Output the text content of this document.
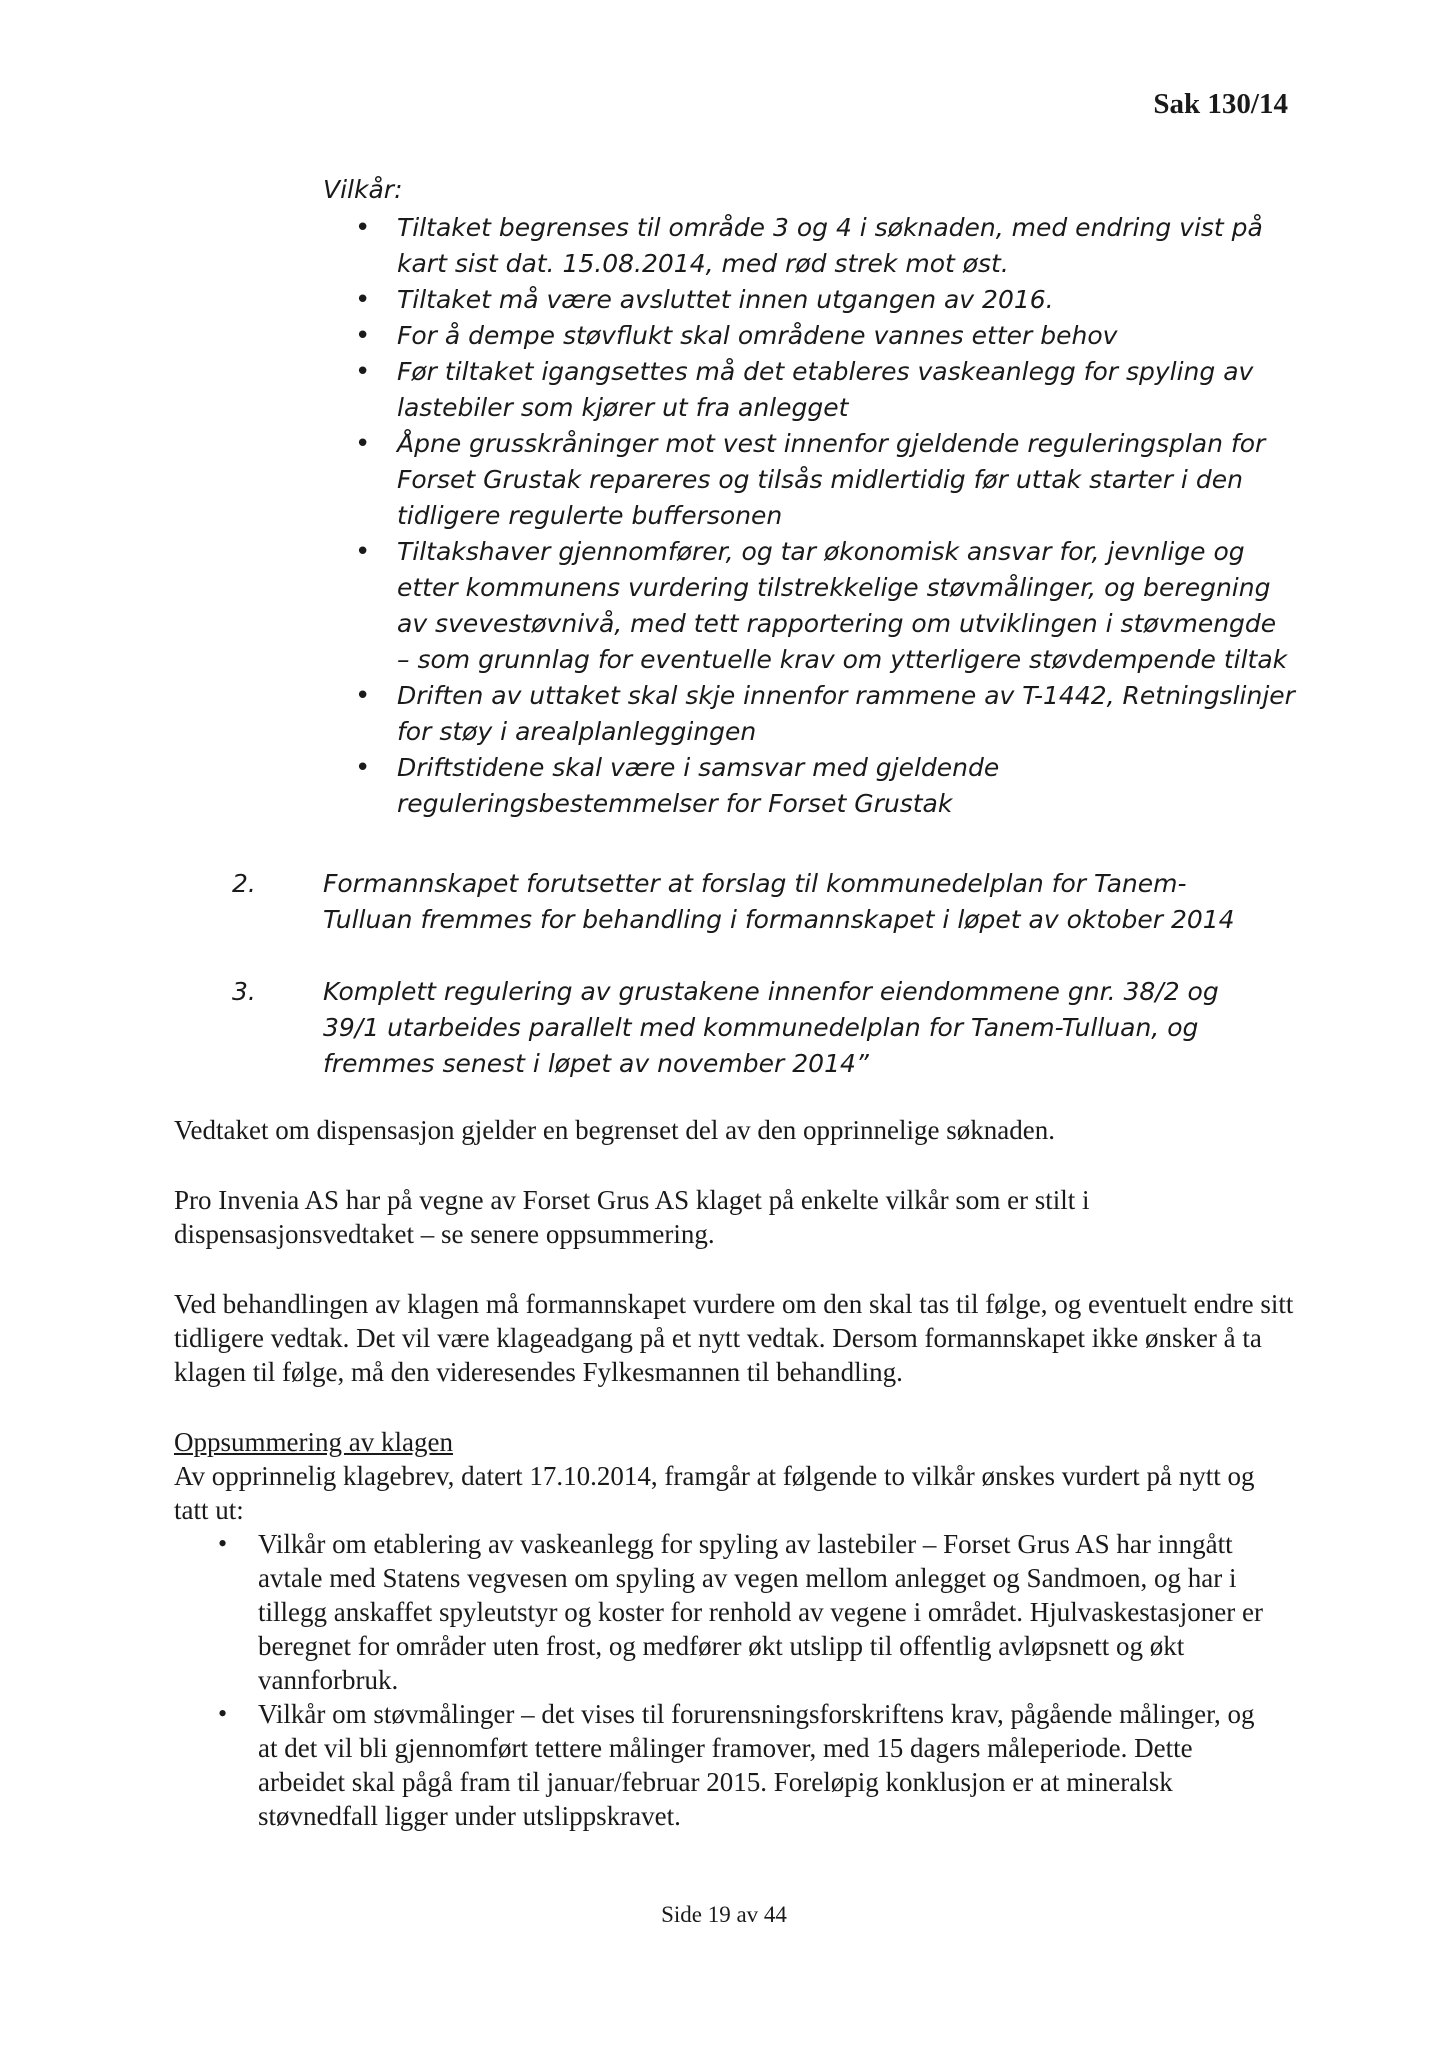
Sak 130/14
Vilkår:
• Tiltaket begrenses til område 3 og 4 i søknaden, med endring vist på kart sist dat. 15.08.2014, med rød strek mot øst.
• Tiltaket må være avsluttet innen utgangen av 2016.
• For å dempe støvflukt skal områdene vannes etter behov
• Før tiltaket igangsettes må det etableres vaskeanlegg for spyling av lastebiler som kjører ut fra anlegget
• Åpne grusskråninger mot vest innenfor gjeldende reguleringsplan for Forset Grustak repareres og tilsås midlertidig før uttak starter i den tidligere regulerte buffersonen
• Tiltakshaver gjennomfører, og tar økonomisk ansvar for, jevnlige og etter kommunens vurdering tilstrekkelige støvmålinger, og beregning av svevestøvnivå, med tett rapportering om utviklingen i støvmengde – som grunnlag for eventuelle krav om ytterligere støvdempende tiltak
• Driften av uttaket skal skje innenfor rammene av T-1442, Retningslinjer for støy i arealplanleggingen
• Driftstidene skal være i samsvar med gjeldende reguleringsbestemmelser for Forset Grustak
2.	Formannskapet forutsetter at forslag til kommunedelplan for Tanem-Tulluan fremmes for behandling i formannskapet i løpet av oktober 2014
3.	Komplett regulering av grustakene innenfor eiendommene gnr. 38/2 og 39/1 utarbeides parallelt med kommunedelplan for Tanem-Tulluan, og fremmes senest i løpet av november 2014”
Vedtaket om dispensasjon gjelder en begrenset del av den opprinnelige søknaden.
Pro Invenia AS har på vegne av Forset Grus AS klaget på enkelte vilkår som er stilt i dispensasjonsvedtaket – se senere oppsummering.
Ved behandlingen av klagen må formannskapet vurdere om den skal tas til følge, og eventuelt endre sitt tidligere vedtak. Det vil være klageadgang på et nytt vedtak. Dersom formannskapet ikke ønsker å ta klagen til følge, må den videresendes Fylkesmannen til behandling.
Oppsummering av klagen
Av opprinnelig klagebrev, datert 17.10.2014, framgår at følgende to vilkår ønskes vurdert på nytt og tatt ut:
• Vilkår om etablering av vaskeanlegg for spyling av lastebiler – Forset Grus AS har inngått avtale med Statens vegvesen om spyling av vegen mellom anlegget og Sandmoen, og har i tillegg anskaffet spyleutstyr og koster for renhold av vegene i området. Hjulvaskestasjoner er beregnet for områder uten frost, og medfører økt utslipp til offentlig avløpsnett og økt vannforbruk.
• Vilkår om støvmålinger – det vises til forurensningsforskriftens krav, pågående målinger, og at det vil bli gjennomført tettere målinger framover, med 15 dagers måleperiode. Dette arbeidet skal pågå fram til januar/februar 2015. Foreløpig konklusjon er at mineralsk støvnedfall ligger under utslippskravet.
Side 19 av 44
